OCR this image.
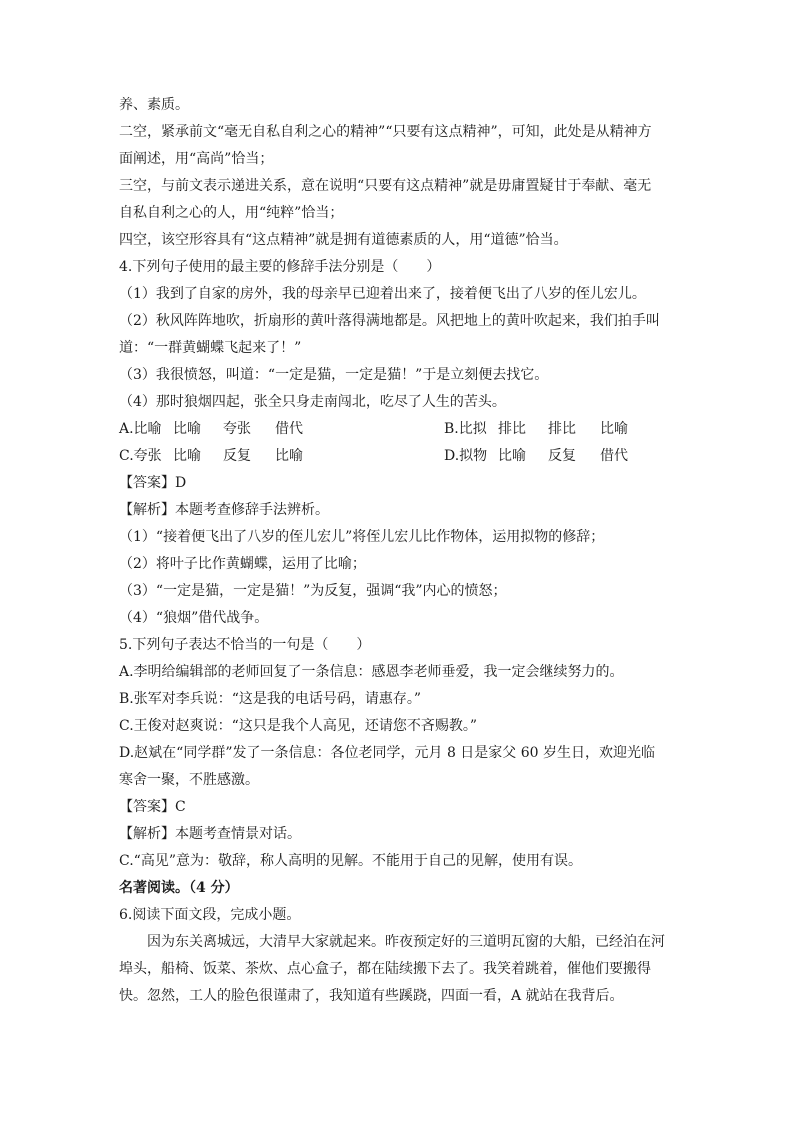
养、素质。
二空，紧承前文“毫无自私自利之心的精神”“只要有这点精神”，可知，此处是从精神方
面阐述，用“高尚”恰当；
三空，与前文表示递进关系，意在说明“只要有这点精神”就是毋庸置疑甘于奉献、毫无
自私自利之心的人，用“纯粹”恰当；
四空，该空形容具有“这点精神”就是拥有道德素质的人，用“道德”恰当。
4.下列句子使用的最主要的修辞手法分别是（　　）
（1）我到了自家的房外，我的母亲早已迎着出来了，接着便飞出了八岁的侄儿宏儿。
（2）秋风阵阵地吹，折扇形的黄叶落得满地都是。风把地上的黄叶吹起来，我们拍手叫
道：“一群黄蝴蝶飞起来了！”
（3）我很愤怒，叫道：“一定是猫，一定是猫！”于是立刻便去找它。
（4）那时狼烟四起，张全只身走南闯北，吃尽了人生的苦头。
A.比喻 比喻 夸张 借代	B.比拟 排比 排比 比喻
C.夸张 比喻 反复 比喻	D.拟物 比喻 反复 借代
【答案】D
【解析】本题考查修辞手法辨析。
（1）“接着便飞出了八岁的侄儿宏儿”将侄儿宏儿比作物体，运用拟物的修辞；
（2）将叶子比作黄蝴蝶，运用了比喻；
（3）“一定是猫，一定是猫！”为反复，强调“我”内心的愤怒；
（4）“狼烟”借代战争。
5.下列句子表达不恰当的一句是（　　）
A.李明给编辑部的老师回复了一条信息：感恩李老师垂爱，我一定会继续努力的。
B.张军对李兵说：“这是我的电话号码，请惠存。”
C.王俊对赵爽说：“这只是我个人高见，还请您不吝赐教。”
D.赵斌在“同学群”发了一条信息：各位老同学，元月 8 日是家父 60 岁生日，欢迎光临
寒舍一聚，不胜感激。
【答案】C
【解析】本题考查情景对话。
C.“高见”意为：敬辞，称人高明的见解。不能用于自己的见解，使用有误。
名著阅读。（4 分）
6.阅读下面文段，完成小题。
　　因为东关离城远，大清早大家就起来。昨夜预定好的三道明瓦窗的大船，已经泊在河
埠头，船椅、饭菜、茶炊、点心盒子，都在陆续搬下去了。我笑着跳着，催他们要搬得
快。忽然，工人的脸色很谨肃了，我知道有些蹊跷，四面一看，A 就站在我背后。
